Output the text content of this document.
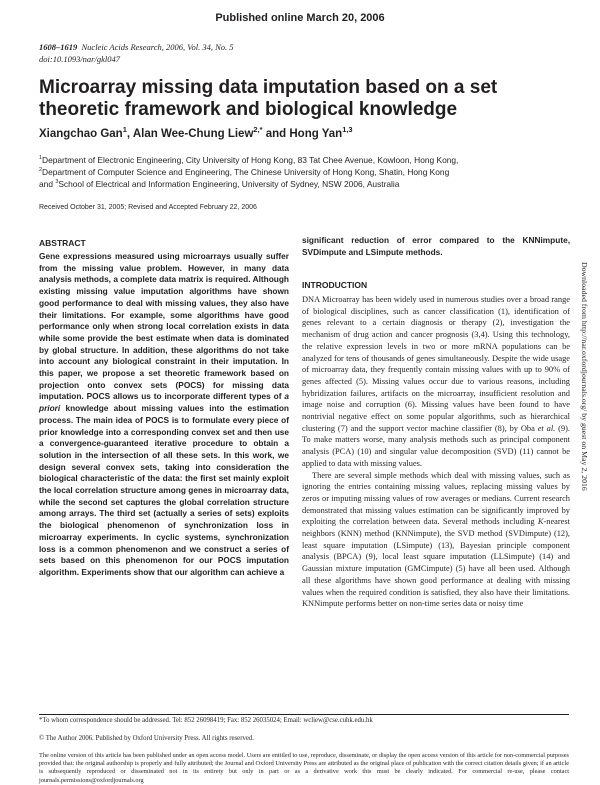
Published online March 20, 2006
1608–1619 Nucleic Acids Research, 2006, Vol. 34, No. 5
doi:10.1093/nar/gkl047
Microarray missing data imputation based on a set theoretic framework and biological knowledge
Xiangchao Gan$^1$, Alan Wee-Chung Liew$^{2,*}$ and Hong Yan$^{1,3}$
$^1$Department of Electronic Engineering, City University of Hong Kong, 83 Tat Chee Avenue, Kowloon, Hong Kong,
$^2$Department of Computer Science and Engineering, The Chinese University of Hong Kong, Shatin, Hong Kong
and $^3$School of Electrical and Information Engineering, University of Sydney, NSW 2006, Australia
Received October 31, 2005; Revised and Accepted February 22, 2006
ABSTRACT
Gene expressions measured using microarrays usually suffer from the missing value problem. However, in many data analysis methods, a complete data matrix is required. Although existing missing value imputation algorithms have shown good performance to deal with missing values, they also have their limitations. For example, some algorithms have good performance only when strong local correlation exists in data while some provide the best estimate when data is dominated by global structure. In addition, these algorithms do not take into account any biological constraint in their imputation. In this paper, we propose a set theoretic framework based on projection onto convex sets (POCS) for missing data imputation. POCS allows us to incorporate different types of a priori knowledge about missing values into the estimation process. The main idea of POCS is to formulate every piece of prior knowledge into a corresponding convex set and then use a convergence-guaranteed iterative procedure to obtain a solution in the intersection of all these sets. In this work, we design several convex sets, taking into consideration the biological characteristic of the data: the first set mainly exploit the local correlation structure among genes in microarray data, while the second set captures the global correlation structure among arrays. The third set (actually a series of sets) exploits the biological phenomenon of synchronization loss in microarray experiments. In cyclic systems, synchronization loss is a common phenomenon and we construct a series of sets based on this phenomenon for our POCS imputation algorithm. Experiments show that our algorithm can achieve a
significant reduction of error compared to the KNNimpute, SVDimpute and LSimpute methods.
INTRODUCTION

DNA Microarray has been widely used in numerous studies over a broad range of biological disciplines, such as cancer classification (1), identification of genes relevant to a certain diagnosis or therapy (2), investigation the mechanism of drug action and cancer prognosis (3,4). Using this technology, the relative expression levels in two or more mRNA populations can be analyzed for tens of thousands of genes simultaneously. Despite the wide usage of microarray data, they frequently contain missing values with up to 90% of genes affected (5). Missing values occur due to various reasons, including hybridization failures, artifacts on the microarray, insufficient resolution and image noise and corruption (6). Missing values have been found to have nontrivial negative effect on some popular algorithms, such as hierarchical clustering (7) and the support vector machine classifier (8), by Oba et al. (9). To make matters worse, many analysis methods such as principal component analysis (PCA) (10) and singular value decomposition (SVD) (11) cannot be applied to data with missing values.

There are several simple methods which deal with missing values, such as ignoring the entries containing missing values, replacing missing values by zeros or imputing missing values of row averages or medians. Current research demonstrated that missing values estimation can be significantly improved by exploiting the correlation between data. Several methods including K-nearest neighbors (KNN) method (KNNimpute), the SVD method (SVDimpute) (12), least square imputation (LSimpute) (13), Bayesian principle component analysis (BPCA) (9), local least square imputation (LLSimpute) (14) and Gaussian mixture imputation (GMCimpute) (5) have all been used. Although all these algorithms have shown good performance at dealing with missing values when the required condition is satisfied, they also have their limitations. KNNimpute performs better on non-time series data or noisy time

*To whom correspondence should be addressed. Tel: 852 26098419; Fax: 852 26035024; Email: wcliew@cse.cuhk.edu.hk
© The Author 2006. Published by Oxford University Press. All rights reserved.
The online version of this article has been published under an open access model. Users are entitled to use, reproduce, disseminate, or display the open access version of this article for non-commercial purposes provided that: the original authorship is properly and fully attributed; the Journal and Oxford University Press are attributed as the original place of publication with the correct citation details given; if an article is subsequently reproduced or disseminated not in its entirety but only in part or as a derivative work this must be clearly indicated. For commercial re-use, please contact journals.permissions@oxfordjournals.org
Downloaded from http://nar.oxfordjournals.org/ by guest on May 2, 2016
